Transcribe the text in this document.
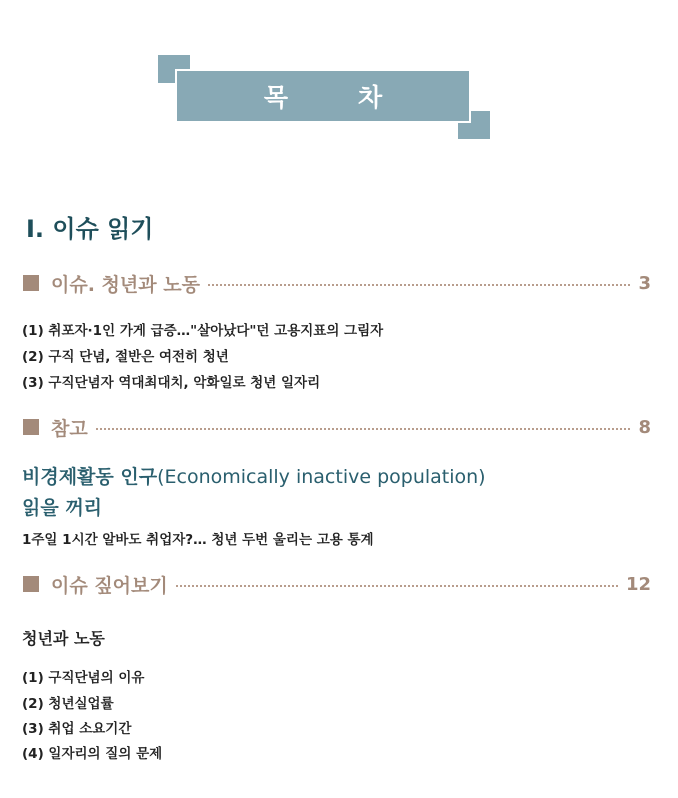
목	차
Ⅰ. 이슈 읽기
이슈. 청년과 노동	3
(1) 취포자·1인 가게 급증…"살아났다"던 고용지표의 그림자
(2) 구직 단념, 절반은 여전히 청년
(3) 구직단념자 역대최대치, 악화일로 청년 일자리
참고	8
비경제활동 인구(Economically inactive population)
읽을 꺼리
1주일 1시간 알바도 취업자?… 청년 두번 울리는 고용 통계
이슈 짚어보기	12
청년과 노동
(1) 구직단념의 이유
(2) 청년실업률
(3) 취업 소요기간
(4) 일자리의 질의 문제
